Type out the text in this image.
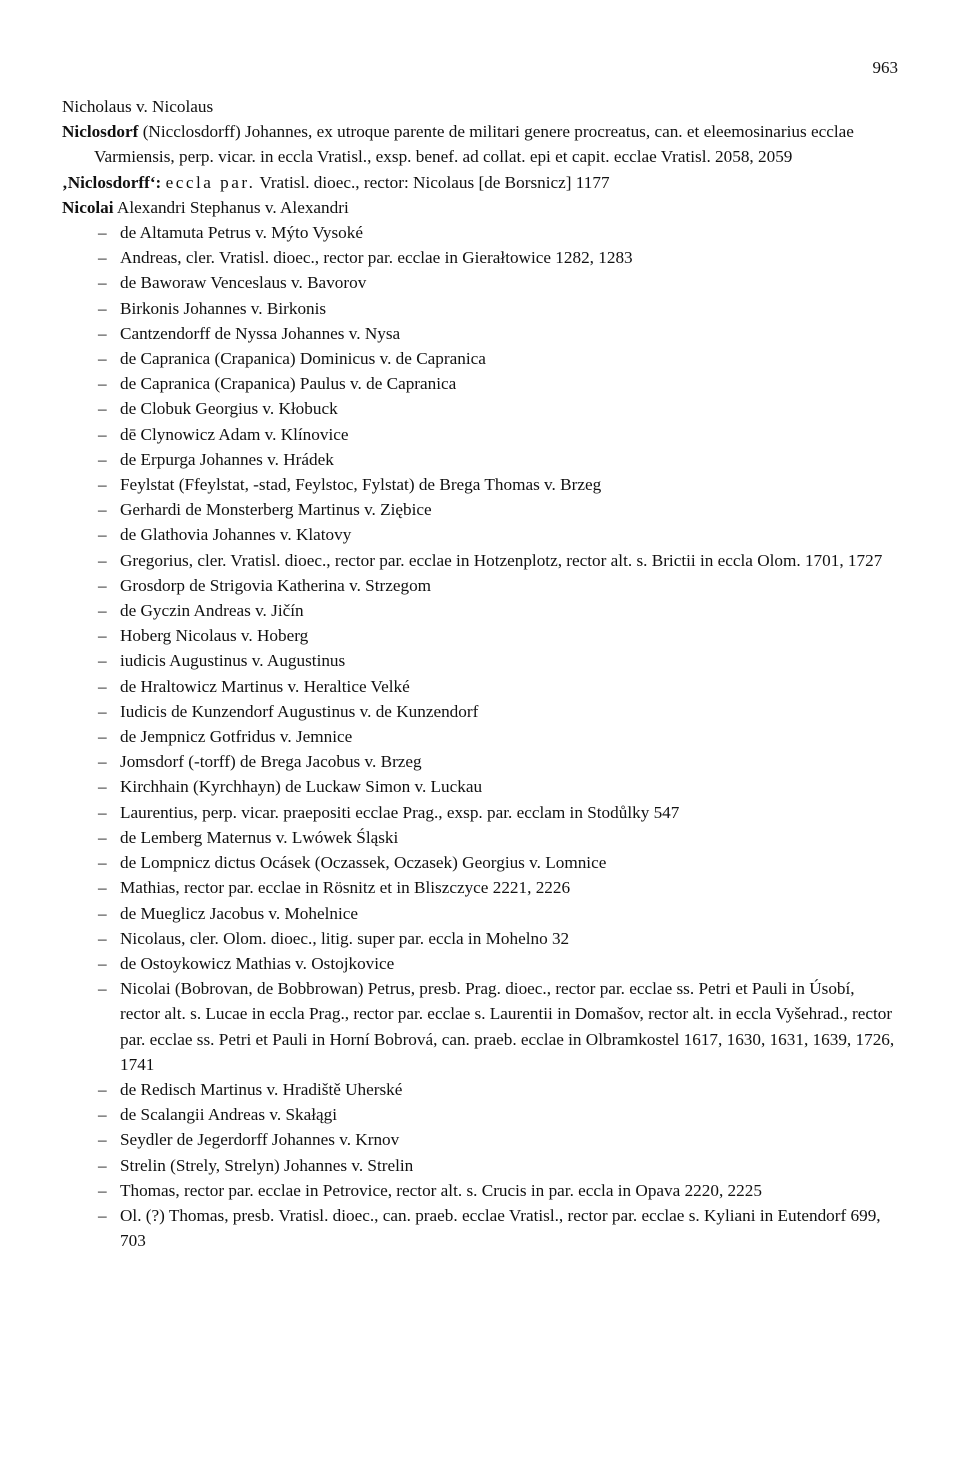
963

Nicholaus v. Nicolaus

Niclosdorf (Nicclosdorff) Johannes, ex utroque parente de militari genere procreatus, can. et eleemosinarius ecclae Varmiensis, perp. vicar. in eccla Vratisl., exsp. benef. ad collat. epi et capit. ecclae Vratisl. 2058, 2059

‚Niclosdorff‘: eccla par. Vratisl. dioec., rector: Nicolaus [de Borsnicz] 1177

Nicolai Alexandri Stephanus v. Alexandri

– de Altamuta Petrus v. Mýto Vysoké

– Andreas, cler. Vratisl. dioec., rector par. ecclae in Gierałtowice 1282, 1283

– de Baworaw Venceslaus v. Bavorov

– Birkonis Johannes v. Birkonis

– Cantzendorff de Nyssa Johannes v. Nysa

– de Capranica (Crapanica) Dominicus v. de Capranica

– de Capranica (Crapanica) Paulus v. de Capranica

– de Clobuk Georgius v. Kłobuck

– dē Clynowicz Adam v. Klínovice

– de Erpurga Johannes v. Hrádek

– Feylstat (Ffeylstat, -stad, Feylstoc, Fylstat) de Brega Thomas v. Brzeg

– Gerhardi de Monsterberg Martinus v. Ziębice

– de Glathovia Johannes v. Klatovy

– Gregorius, cler. Vratisl. dioec., rector par. ecclae in Hotzenplotz, rector alt. s. Brictii in eccla Olom. 1701, 1727

– Grosdorp de Strigovia Katherina v. Strzegom

– de Gyczin Andreas v. Jičín

– Hoberg Nicolaus v. Hoberg

– iudicis Augustinus v. Augustinus

– de Hraltowicz Martinus v. Heraltice Velké

– Iudicis de Kunzendorf Augustinus v. de Kunzendorf

– de Jempnicz Gotfridus v. Jemnice

– Jomsdorf (-torff) de Brega Jacobus v. Brzeg

– Kirchhain (Kyrchhayn) de Luckaw Simon v. Luckau

– Laurentius, perp. vicar. praepositi ecclae Prag., exsp. par. ecclam in Stodůlky 547

– de Lemberg Maternus v. Lwówek Śląski

– de Lompnicz dictus Ocásek (Oczassek, Oczasek) Georgius v. Lomnice

– Mathias, rector par. ecclae in Rösnitz et in Bliszczyce 2221, 2226

– de Mueglicz Jacobus v. Mohelnice

– Nicolaus, cler. Olom. dioec., litig. super par. eccla in Mohelno 32

– de Ostoykowicz Mathias v. Ostojkovice

– Nicolai (Bobrovan, de Bobbrowan) Petrus, presb. Prag. dioec., rector par. ecclae ss. Petri et Pauli in Úsobí, rector alt. s. Lucae in eccla Prag., rector par. ecclae s. Laurentii in Domašov, rector alt. in eccla Vyšehrad., rector par. ecclae ss. Petri et Pauli in Horní Bobrová, can. praeb. ecclae in Olbramkostel 1617, 1630, 1631, 1639, 1726, 1741

– de Redisch Martinus v. Hradiště Uherské

– de Scalangii Andreas v. Skałągi

– Seydler de Jegerdorff Johannes v. Krnov

– Strelin (Strely, Strelyn) Johannes v. Strelin

– Thomas, rector par. ecclae in Petrovice, rector alt. s. Crucis in par. eccla in Opava 2220, 2225

– Ol. (?) Thomas, presb. Vratisl. dioec., can. praeb. ecclae Vratisl., rector par. ecclae s. Kyliani in Eutendorf 699, 703
